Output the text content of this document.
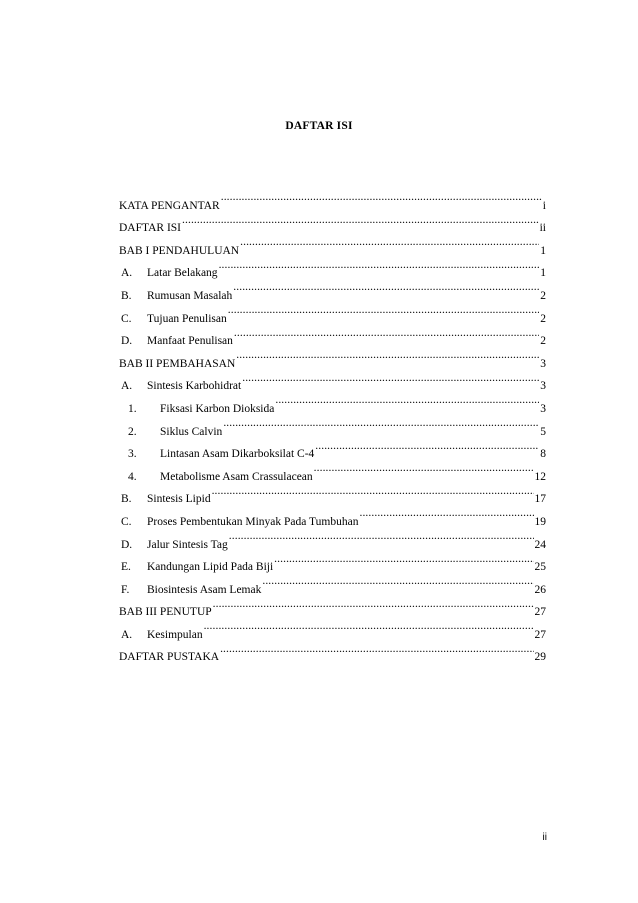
DAFTAR ISI
KATA PENGANTAR .....	i
DAFTAR ISI .....	ii
BAB I PENDAHULUAN .....	1
A.	Latar Belakang .....	1
B.	Rumusan Masalah .....	2
C.	Tujuan Penulisan .....	2
D.	Manfaat Penulisan .....	2
BAB II PEMBAHASAN .....	3
A.	Sintesis Karbohidrat .....	3
1.	Fiksasi Karbon Dioksida .....	3
2.	Siklus Calvin .....	5
3.	Lintasan Asam Dikarboksilat C-4 .....	8
4.	Metabolisme Asam Crassulacean .....	12
B.	Sintesis Lipid .....	17
C.	Proses Pembentukan Minyak Pada Tumbuhan .....	19
D.	Jalur Sintesis Tag .....	24
E.	Kandungan Lipid Pada Biji .....	25
F.	Biosintesis Asam Lemak .....	26
BAB III PENUTUP .....	27
A.	Kesimpulan .....	27
DAFTAR PUSTAKA .....	29
ii
